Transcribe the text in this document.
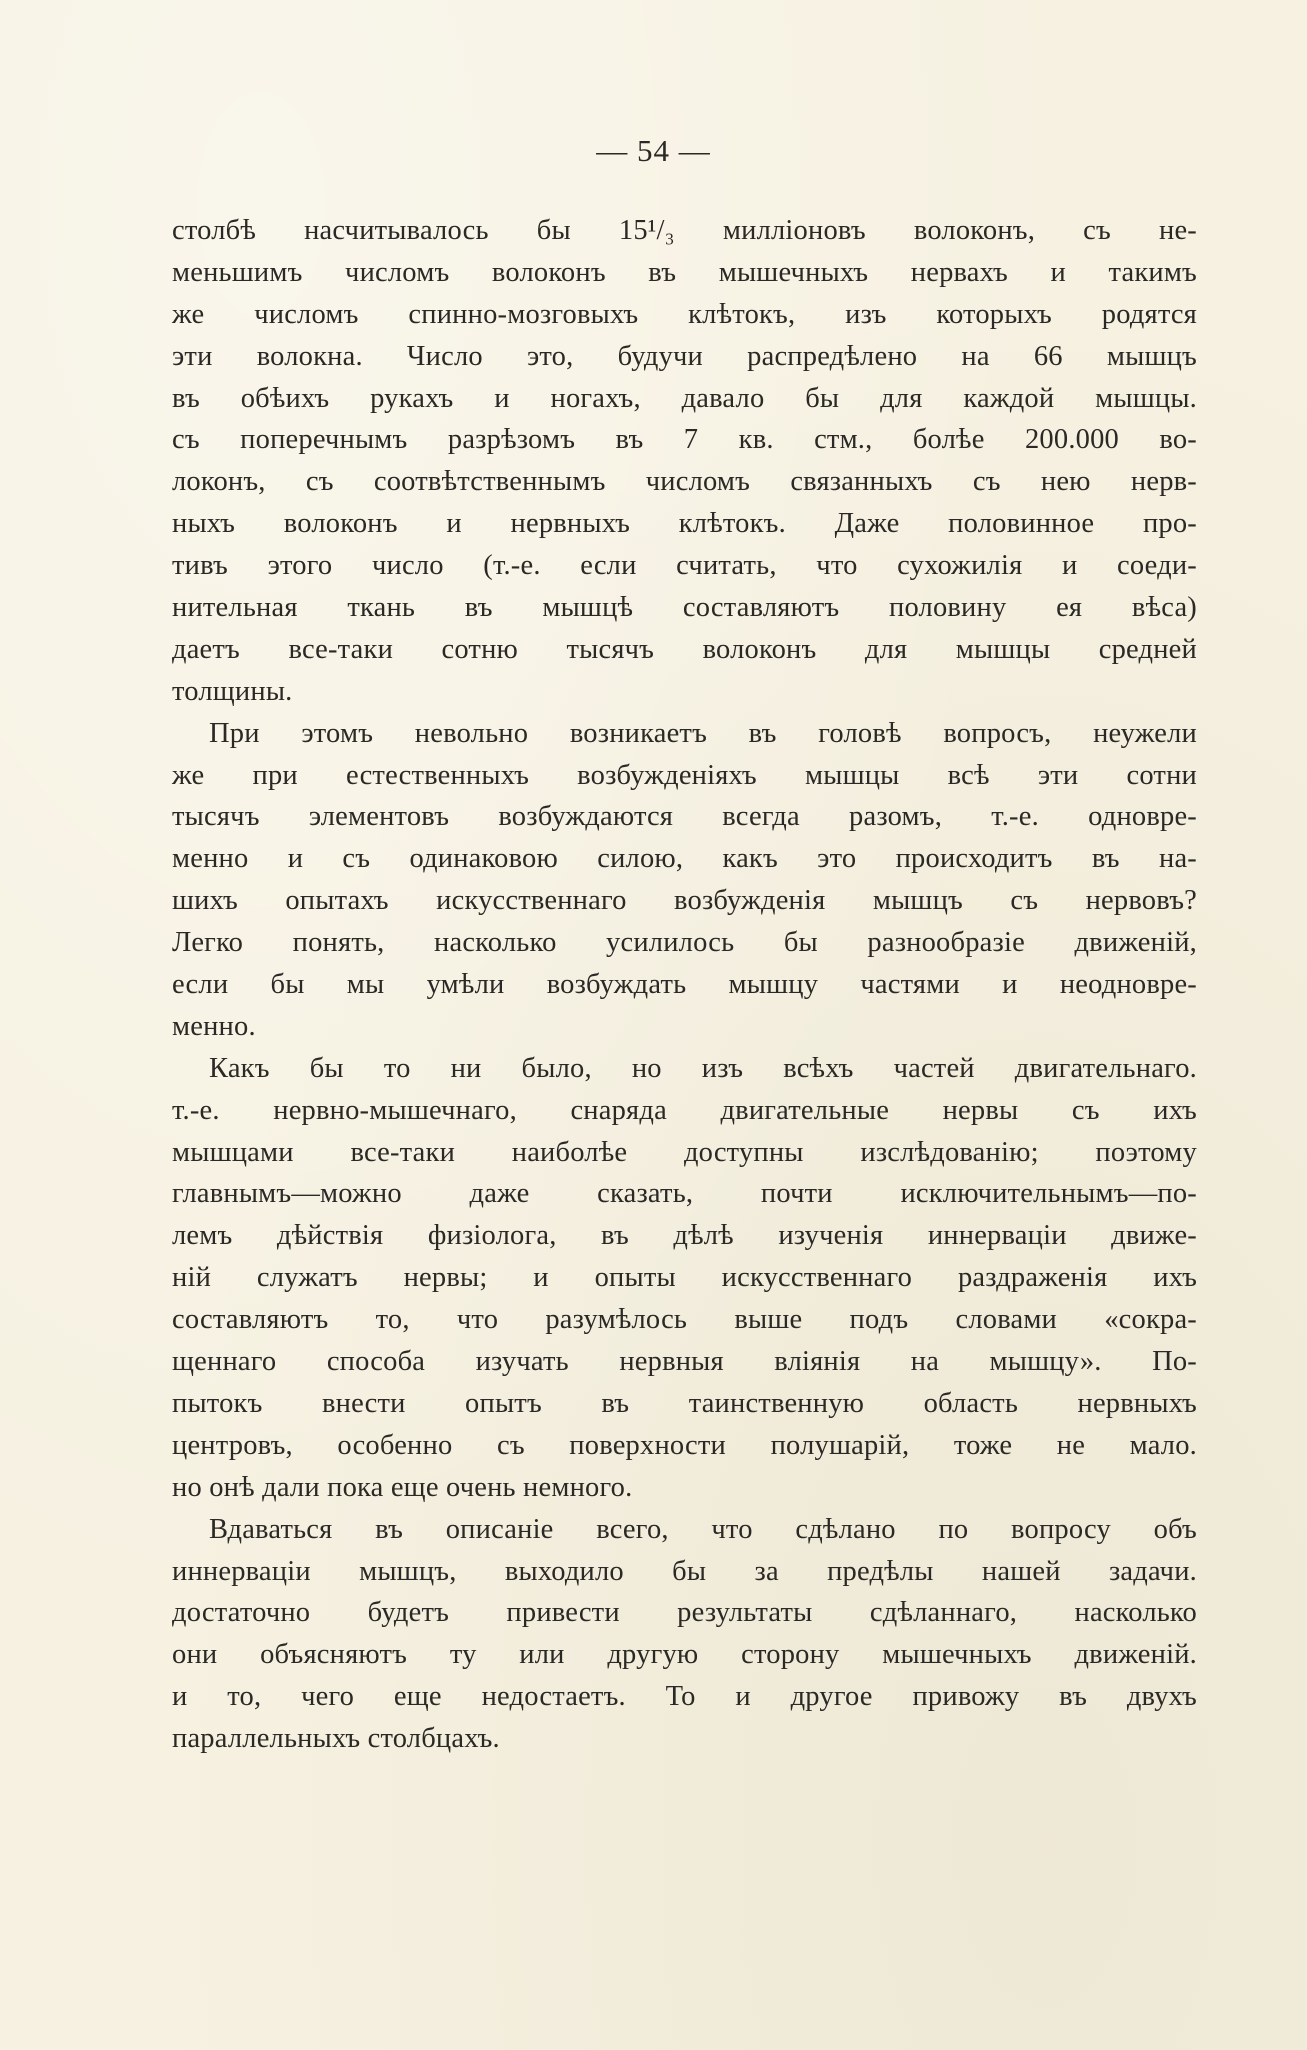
— 54 —
столбѣ насчитывалось бы 15¹/₃ милліоновъ волоконъ, съ не-
меньшимъ числомъ волоконъ въ мышечныхъ нервахъ и такимъ
же числомъ спинно-мозговыхъ клѣтокъ, изъ которыхъ родятся
эти волокна. Число это, будучи распредѣлено на 66 мышцъ
въ обѣихъ рукахъ и ногахъ, давало бы для каждой мышцы.
съ поперечнымъ разрѣзомъ въ 7 кв. стм., болѣе 200.000 во-
локонъ, съ соотвѣтственнымъ числомъ связанныхъ съ нею нерв-
ныхъ волоконъ и нервныхъ клѣтокъ. Даже половинное про-
тивъ этого число (т.-е. если считать, что сухожилія и соеди-
нительная ткань въ мышцѣ составляютъ половину ея вѣса)
даетъ все-таки сотню тысячъ волоконъ для мышцы средней
толщины.
При этомъ невольно возникаетъ въ головѣ вопросъ, неужели
же при естественныхъ возбужденіяхъ мышцы всѣ эти сотни
тысячъ элементовъ возбуждаются всегда разомъ, т.-е. одновре-
менно и съ одинаковою силою, какъ это происходитъ въ на-
шихъ опытахъ искусственнаго возбужденія мышцъ съ нервовъ?
Легко понять, насколько усилилось бы разнообразіе движеній,
если бы мы умѣли возбуждать мышцу частями и неодновре-
менно.
Какъ бы то ни было, но изъ всѣхъ частей двигательнаго.
т.-е. нервно-мышечнаго, снаряда двигательные нервы съ ихъ
мышцами все-таки наиболѣе доступны изслѣдованію; поэтому
главнымъ—можно даже сказать, почти исключительнымъ—по-
лемъ дѣйствія физіолога, въ дѣлѣ изученія иннерваціи движе-
ній служатъ нервы; и опыты искусственнаго раздраженія ихъ
составляютъ то, что разумѣлось выше подъ словами «сокра-
щеннаго способа изучать нервныя вліянія на мышцу». По-
пытокъ внести опытъ въ таинственную область нервныхъ
центровъ, особенно съ поверхности полушарій, тоже не мало.
но онѣ дали пока еще очень немного.
Вдаваться въ описаніе всего, что сдѣлано по вопросу объ
иннерваціи мышцъ, выходило бы за предѣлы нашей задачи.
достаточно будетъ привести результаты сдѣланнаго, насколько
они объясняютъ ту или другую сторону мышечныхъ движеній.
и то, чего еще недостаетъ. То и другое привожу въ двухъ
параллельныхъ столбцахъ.
